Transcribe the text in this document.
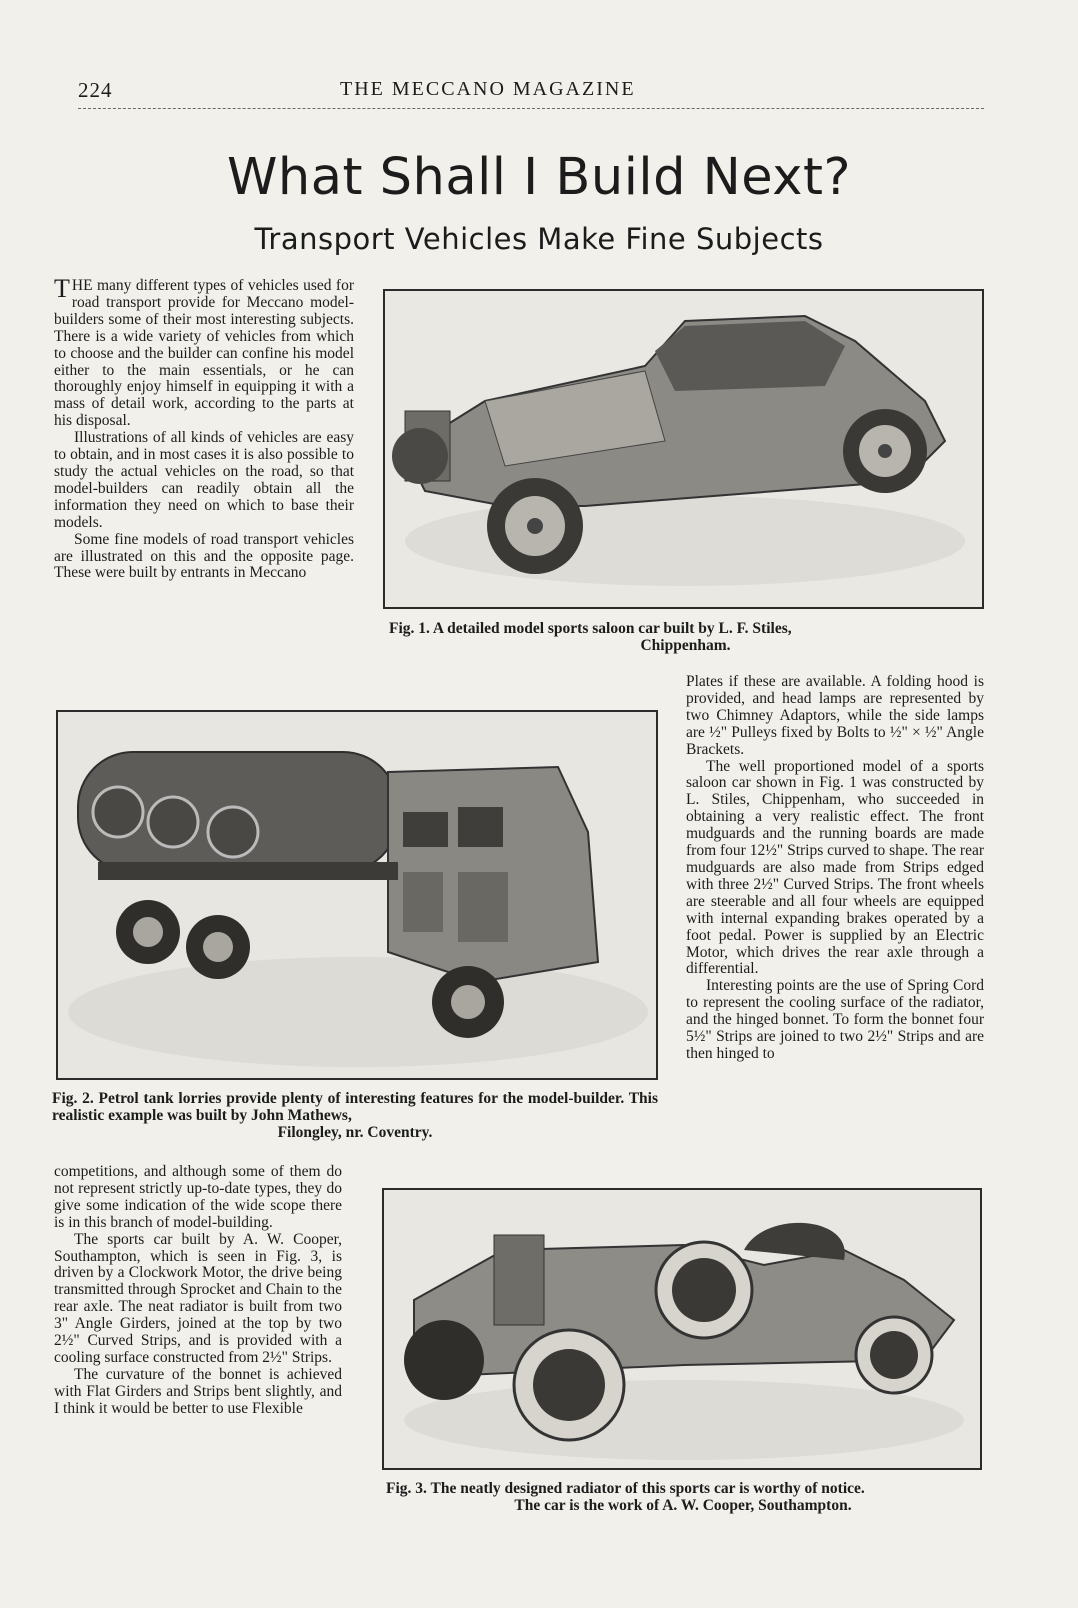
224	THE MECCANO MAGAZINE
What Shall I Build Next?
Transport Vehicles Make Fine Subjects

THE many different types of vehicles used for road transport provide for Meccano model-builders some of their most interesting subjects. There is a wide variety of vehicles from which to choose and the builder can confine his model either to the main essentials, or he can thoroughly enjoy himself in equipping it with a mass of detail work, according to the parts at his disposal.

Illustrations of all kinds of vehicles are easy to obtain, and in most cases it is also possible to study the actual vehicles on the road, so that model-builders can readily obtain all the information they need on which to base their models.

Some fine models of road transport vehicles are illustrated on this and the opposite page. These were built by entrants in Meccano

Fig. 1. A detailed model sports saloon car built by L. F. Stiles,
Chippenham.

Plates if these are available. A folding hood is provided, and head lamps are represented by two Chimney Adaptors, while the side lamps are ½" Pulleys fixed by Bolts to ½" × ½" Angle Brackets.

The well proportioned model of a sports saloon car shown in Fig. 1 was constructed by L. Stiles, Chippenham, who succeeded in obtaining a very realistic effect. The front mudguards and the running boards are made from four 12½" Strips curved to shape. The rear mudguards are also made from Strips edged with three 2½" Curved Strips. The front wheels are steerable and all four wheels are equipped with internal expanding brakes operated by a foot pedal. Power is supplied by an Electric Motor, which drives the rear axle through a differential.

Interesting points are the use of Spring Cord to represent the cooling surface of the radiator, and the hinged bonnet. To form the bonnet four 5½" Strips are joined to two 2½" Strips and are then hinged to

Fig. 2. Petrol tank lorries provide plenty of interesting features for the model-builder. This realistic example was built by John Mathews,
Filongley, nr. Coventry.

competitions, and although some of them do not represent strictly up-to-date types, they do give some indication of the wide scope there is in this branch of model-building.

The sports car built by A. W. Cooper, Southampton, which is seen in Fig. 3, is driven by a Clockwork Motor, the drive being transmitted through Sprocket and Chain to the rear axle. The neat radiator is built from two 3" Angle Girders, joined at the top by two 2½" Curved Strips, and is provided with a cooling surface constructed from 2½" Strips.

The curvature of the bonnet is achieved with Flat Girders and Strips bent slightly, and I think it would be better to use Flexible

Fig. 3. The neatly designed radiator of this sports car is worthy of notice.
The car is the work of A. W. Cooper, Southampton.
